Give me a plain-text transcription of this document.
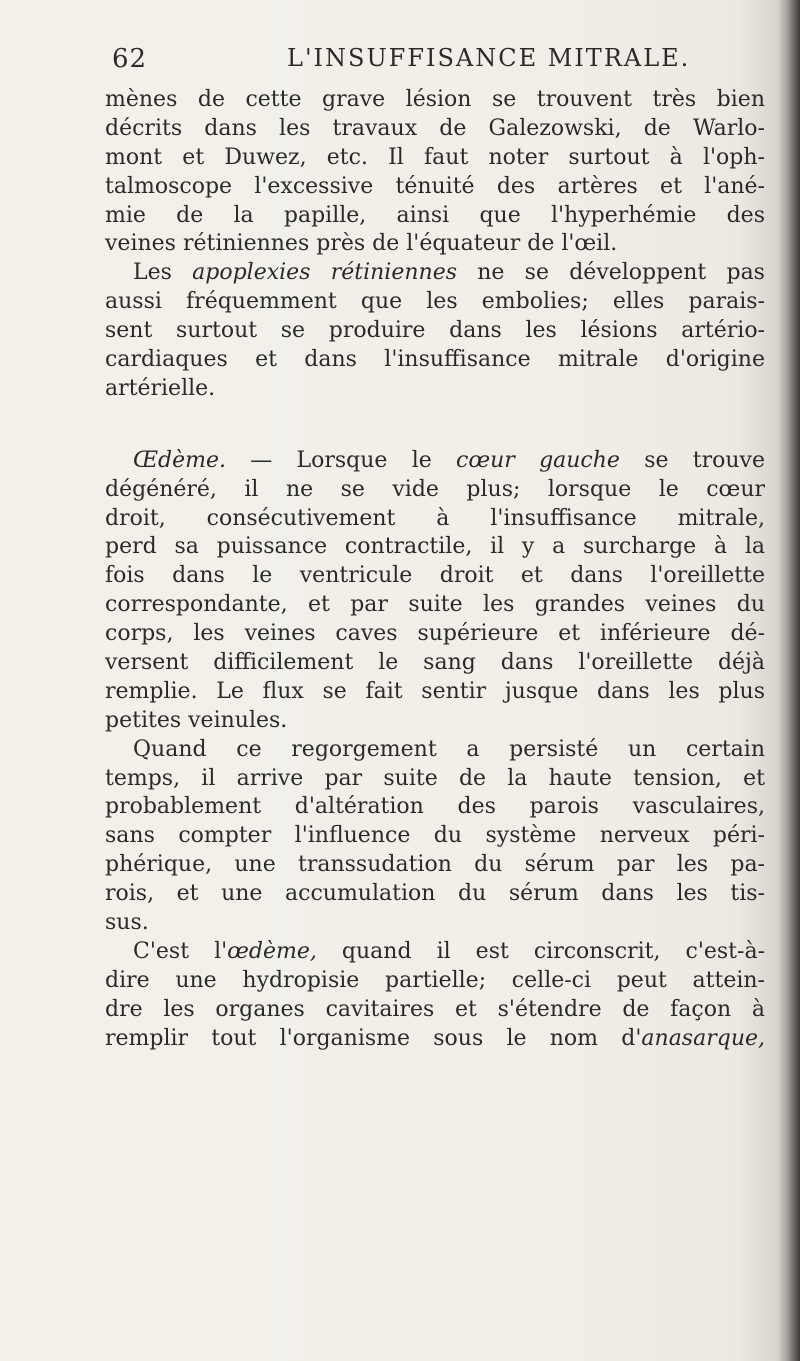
62	L'INSUFFISANCE MITRALE.
mènes de cette grave lésion se trouvent très bien
décrits dans les travaux de Galezowski, de Warlo-
mont et Duwez, etc. Il faut noter surtout à l'oph-
talmoscope l'excessive ténuité des artères et l'ané-
mie de la papille, ainsi que l'hyperhémie des
veines rétiniennes près de l'équateur de l'œil.
Les apoplexies rétiniennes ne se développent pas
aussi fréquemment que les embolies; elles parais-
sent surtout se produire dans les lésions artério-
cardiaques et dans l'insuffisance mitrale d'origine
artérielle.
Œdème. — Lorsque le cœur gauche se trouve
dégénéré, il ne se vide plus; lorsque le cœur
droit, consécutivement à l'insuffisance mitrale,
perd sa puissance contractile, il y a surcharge à la
fois dans le ventricule droit et dans l'oreillette
correspondante, et par suite les grandes veines du
corps, les veines caves supérieure et inférieure dé-
versent difficilement le sang dans l'oreillette déjà
remplie. Le flux se fait sentir jusque dans les plus
petites veinules.
Quand ce regorgement a persisté un certain
temps, il arrive par suite de la haute tension, et
probablement d'altération des parois vasculaires,
sans compter l'influence du système nerveux péri-
phérique, une transsudation du sérum par les pa-
rois, et une accumulation du sérum dans les tis-
sus.
C'est l'œdème, quand il est circonscrit, c'est-à-
dire une hydropisie partielle; celle-ci peut attein-
dre les organes cavitaires et s'étendre de façon à
remplir tout l'organisme sous le nom d'anasarque,
